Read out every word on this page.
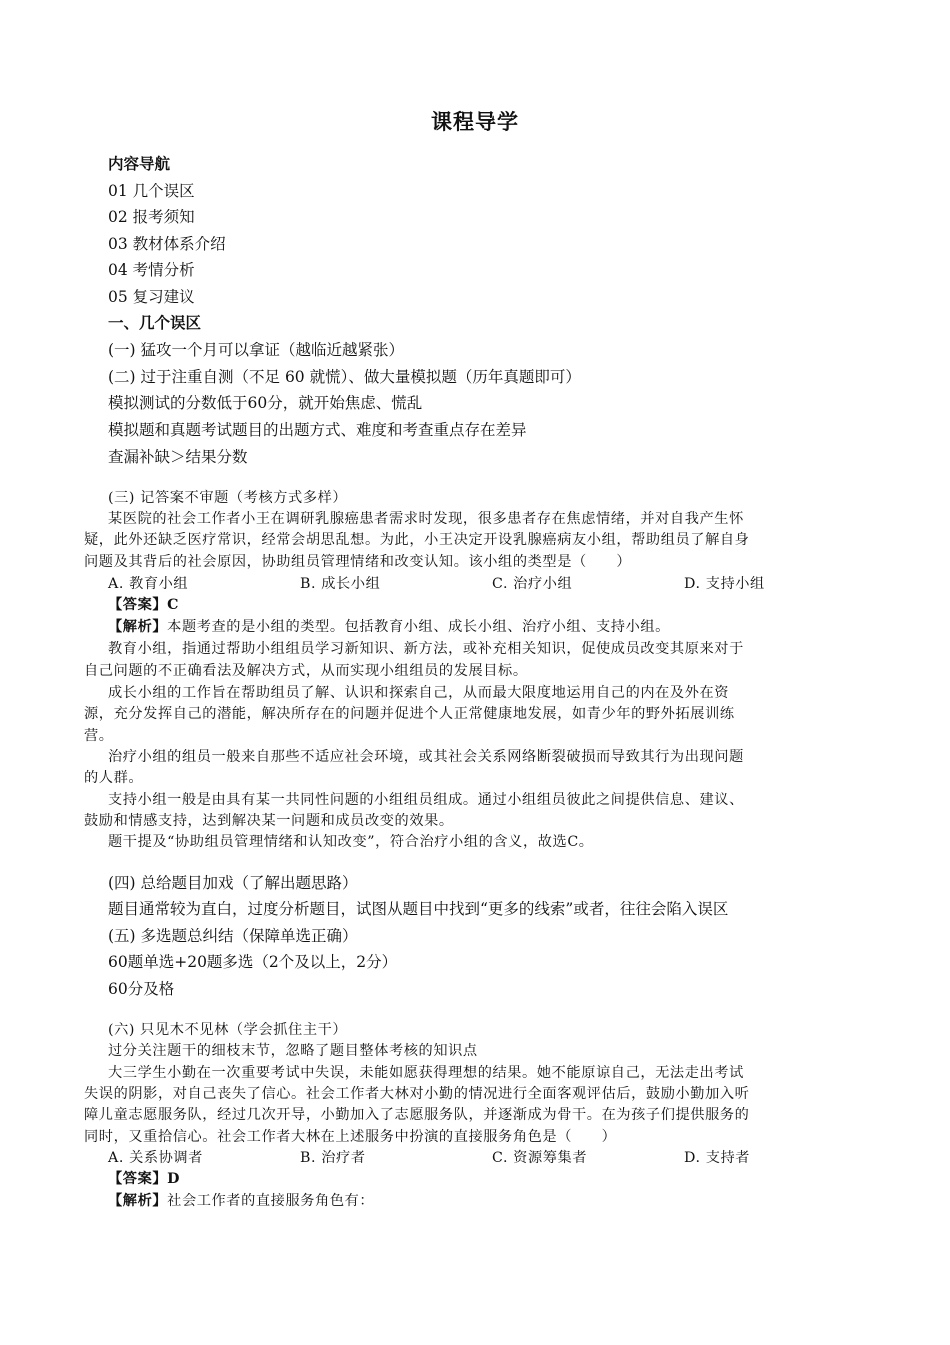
课程导学
内容导航
01 几个误区
02 报考须知
03 教材体系介绍
04 考情分析
05 复习建议
一、几个误区
(一) 猛攻一个月可以拿证（越临近越紧张）
(二) 过于注重自测（不足 60 就慌）、做大量模拟题（历年真题即可）
模拟测试的分数低于60分，就开始焦虑、慌乱
模拟题和真题考试题目的出题方式、难度和考查重点存在差异
查漏补缺＞结果分数
(三) 记答案不审题（考核方式多样）
某医院的社会工作者小王在调研乳腺癌患者需求时发现，很多患者存在焦虑情绪，并对自我产生怀
疑，此外还缺乏医疗常识，经常会胡思乱想。为此，小王决定开设乳腺癌病友小组，帮助组员了解自身
问题及其背后的社会原因，协助组员管理情绪和改变认知。该小组的类型是（　　）
A. 教育小组	B. 成长小组	C. 治疗小组	D. 支持小组
【答案】C
【解析】本题考查的是小组的类型。包括教育小组、成长小组、治疗小组、支持小组。
教育小组，指通过帮助小组组员学习新知识、新方法，或补充相关知识，促使成员改变其原来对于
自己问题的不正确看法及解决方式，从而实现小组组员的发展目标。
成长小组的工作旨在帮助组员了解、认识和探索自己，从而最大限度地运用自己的内在及外在资
源，充分发挥自己的潜能，解决所存在的问题并促进个人正常健康地发展，如青少年的野外拓展训练
营。
治疗小组的组员一般来自那些不适应社会环境，或其社会关系网络断裂破损而导致其行为出现问题
的人群。
支持小组一般是由具有某一共同性问题的小组组员组成。通过小组组员彼此之间提供信息、建议、
鼓励和情感支持，达到解决某一问题和成员改变的效果。
题干提及“协助组员管理情绪和认知改变”，符合治疗小组的含义，故选C。
(四) 总给题目加戏（了解出题思路）
题目通常较为直白，过度分析题目，试图从题目中找到“更多的线索”或者，往往会陷入误区
(五) 多选题总纠结（保障单选正确）
60题单选+20题多选（2个及以上，2分）
60分及格
(六) 只见木不见林（学会抓住主干）
过分关注题干的细枝末节，忽略了题目整体考核的知识点
大三学生小勤在一次重要考试中失误，未能如愿获得理想的结果。她不能原谅自己，无法走出考试
失误的阴影，对自己丧失了信心。社会工作者大林对小勤的情况进行全面客观评估后，鼓励小勤加入听
障儿童志愿服务队，经过几次开导，小勤加入了志愿服务队，并逐渐成为骨干。在为孩子们提供服务的
同时，又重拾信心。社会工作者大林在上述服务中扮演的直接服务角色是（　　）
A. 关系协调者	B. 治疗者	C. 资源筹集者	D. 支持者
【答案】D
【解析】社会工作者的直接服务角色有：
